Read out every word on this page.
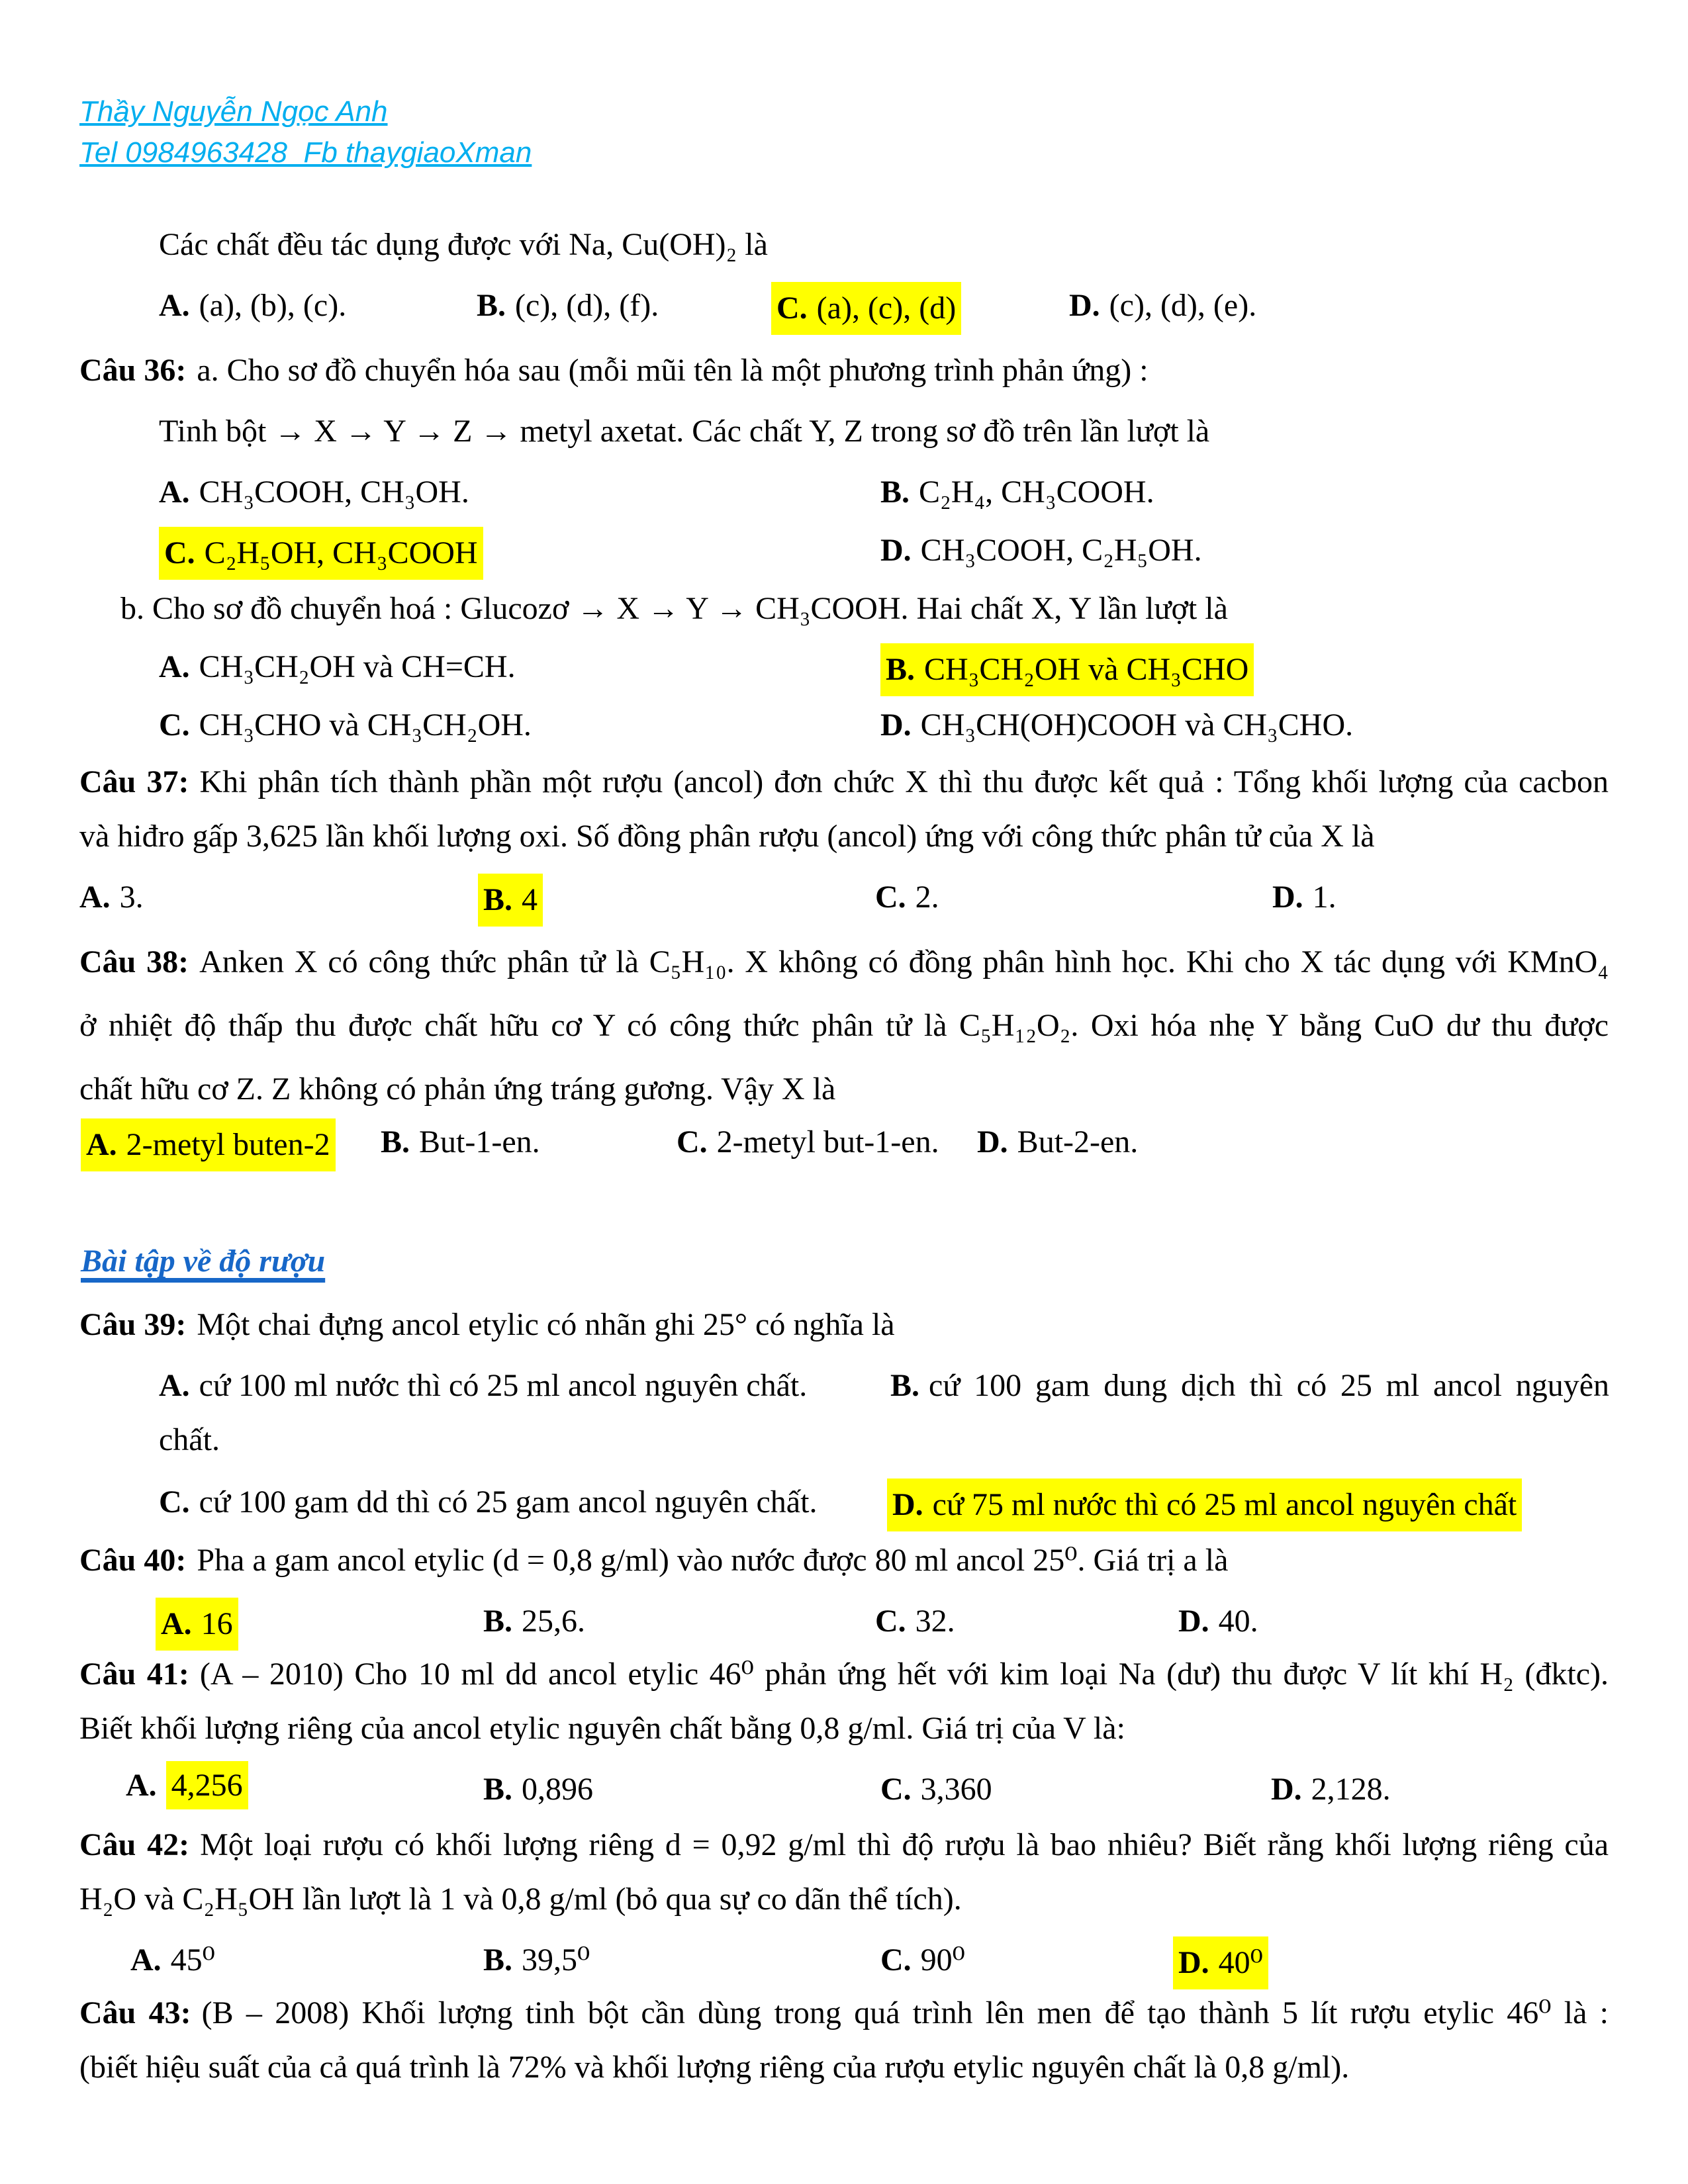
Thầy Nguyễn Ngọc Anh
Tel 0984963428  Fb thaygiaoXman
Các chất đều tác dụng được với Na, Cu(OH)₂ là
A. (a), (b), (c).	B. (c), (d), (f).	C. (a), (c), (d)	D. (c), (d), (e).
Câu 36: a. Cho sơ đồ chuyển hóa sau (mỗi mũi tên là một phương trình phản ứng) :
Tinh bột → X → Y → Z → metyl axetat. Các chất Y, Z trong sơ đồ trên lần lượt là
A. CH₃COOH, CH₃OH.	B. C₂H₄, CH₃COOH.
C. C₂H₅OH, CH₃COOH	D. CH₃COOH, C₂H₅OH.
b. Cho sơ đồ chuyển hoá : Glucozơ → X → Y → CH₃COOH. Hai chất X, Y lần lượt là
A. CH₃CH₂OH và CH=CH.	B. CH₃CH₂OH và CH₃CHO
C. CH₃CHO và CH₃CH₂OH.	D. CH₃CH(OH)COOH và CH₃CHO.
Câu 37: Khi phân tích thành phần một rượu (ancol) đơn chức X thì thu được kết quả : Tổng khối lượng của cacbon
và hiđro gấp 3,625 lần khối lượng oxi. Số đồng phân rượu (ancol) ứng với công thức phân tử của X là
A. 3.	B. 4	C. 2.	D. 1.
Câu 38: Anken X có công thức phân tử là C₅H₁₀. X không có đồng phân hình học. Khi cho X tác dụng với KMnO₄
ở nhiệt độ thấp thu được chất hữu cơ Y có công thức phân tử là C₅H₁₂O₂. Oxi hóa nhẹ Y bằng CuO dư thu được
chất hữu cơ Z. Z không có phản ứng tráng gương. Vậy X là
A. 2-metyl buten-2 B. But-1-en.	C. 2-metyl but-1-en. D. But-2-en.
Bài tập về độ rượu
Câu 39: Một chai đựng ancol etylic có nhãn ghi 25° có nghĩa là
A. cứ 100 ml nước thì có 25 ml ancol nguyên chất.	B. cứ 100 gam dung dịch thì có 25 ml ancol nguyên
chất.
C. cứ 100 gam dd thì có 25 gam ancol nguyên chất. D. cứ 75 ml nước thì có 25 ml ancol nguyên chất
Câu 40: Pha a gam ancol etylic (d = 0,8 g/ml) vào nước được 80 ml ancol 25⁰. Giá trị a là
A. 16	B. 25,6.	C. 32.	D. 40.
Câu 41: (A – 2010) Cho 10 ml dd ancol etylic 46⁰ phản ứng hết với kim loại Na (dư) thu được V lít khí H₂ (đktc).
Biết khối lượng riêng của ancol etylic nguyên chất bằng 0,8 g/ml. Giá trị của V là:
A. 4,256	B. 0,896	C. 3,360	D. 2,128.
Câu 42: Một loại rượu có khối lượng riêng d = 0,92 g/ml thì độ rượu là bao nhiêu? Biết rằng khối lượng riêng của
H₂O và C₂H₅OH lần lượt là 1 và 0,8 g/ml (bỏ qua sự co dãn thể tích).
A. 45⁰	B. 39,5⁰	C. 90⁰	D. 40⁰
Câu 43: (B – 2008) Khối lượng tinh bột cần dùng trong quá trình lên men để tạo thành 5 lít rượu etylic 46⁰ là :
(biết hiệu suất của cả quá trình là 72% và khối lượng riêng của rượu etylic nguyên chất là 0,8 g/ml).
